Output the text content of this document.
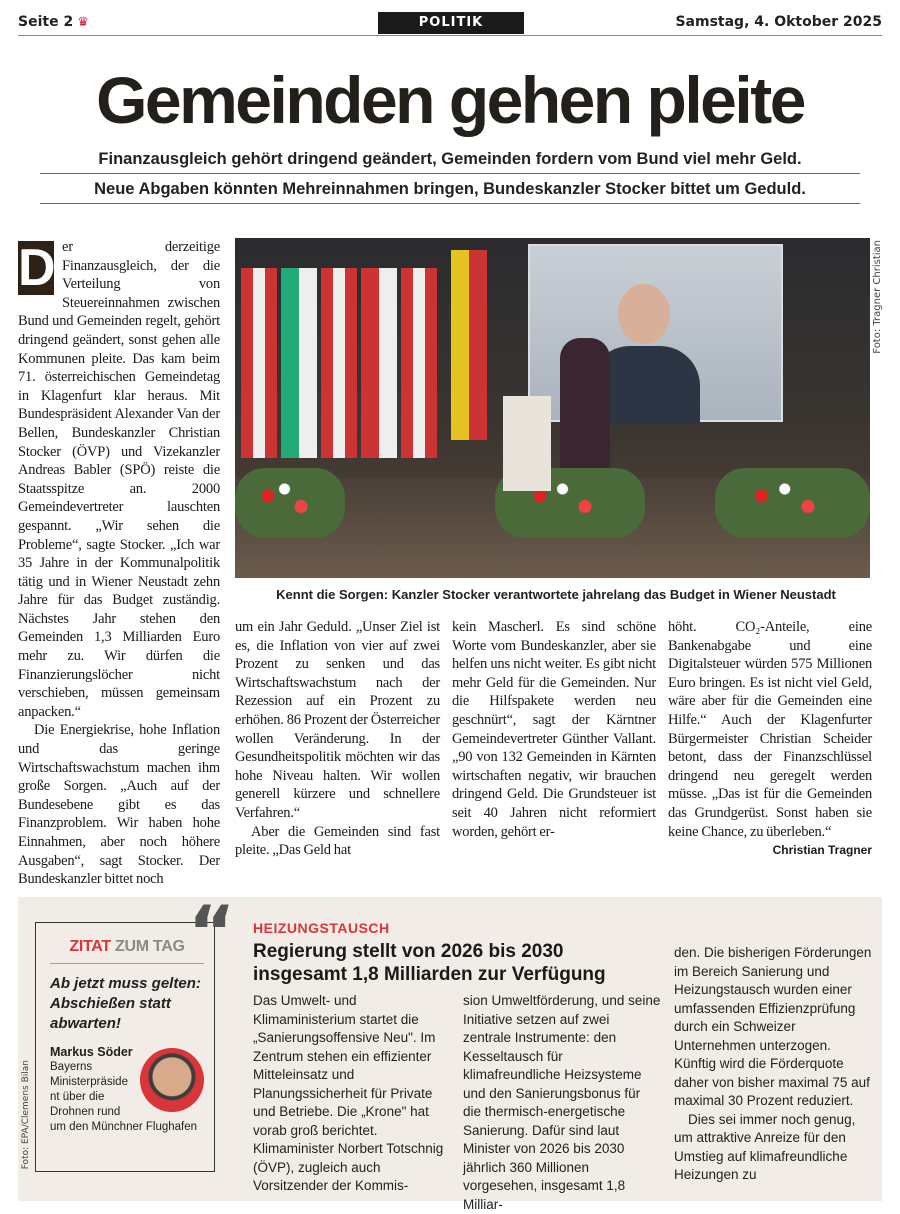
Seite 2 ♛	POLITIK	Samstag, 4. Oktober 2025
Gemeinden gehen pleite
Finanzausgleich gehört dringend geändert, Gemeinden fordern vom Bund viel mehr Geld.
Neue Abgaben könnten Mehreinnahmen bringen, Bundeskanzler Stocker bittet um Geduld.

D er derzeitige Finanzausgleich, der die Verteilung von Steuereinnahmen zwischen Bund und Gemeinden regelt, gehört dringend geändert, sonst gehen alle Kommunen pleite. Das kam beim 71. österreichischen Gemeindetag in Klagenfurt klar heraus. Mit Bundespräsident Alexander Van der Bellen, Bundeskanzler Christian Stocker (ÖVP) und Vizekanzler Andreas Babler (SPÖ) reiste die Staatsspitze an. 2000 Gemeindevertreter lauschten gespannt. „Wir sehen die Probleme“, sagte Stocker. „Ich war 35 Jahre in der Kommunalpolitik tätig und in Wiener Neustadt zehn Jahre für das Budget zuständig. Nächstes Jahr stehen den Gemeinden 1,3 Milliarden Euro mehr zu. Wir dürfen die Finanzierungslöcher nicht verschieben, müssen gemeinsam anpacken.“

Die Energiekrise, hohe Inflation und das geringe Wirtschaftswachstum machen ihm große Sorgen. „Auch auf der Bundesebene gibt es das Finanzproblem. Wir haben hohe Einnahmen, aber noch höhere Ausgaben“, sagt Stocker. Der Bundeskanzler bittet noch

Foto: Tragner Christian
Kennt die Sorgen: Kanzler Stocker verantwortete jahrelang das Budget in Wiener Neustadt

um ein Jahr Geduld. „Unser Ziel ist es, die Inflation von vier auf zwei Prozent zu senken und das Wirtschaftswachstum nach der Rezession auf ein Prozent zu erhöhen. 86 Prozent der Österreicher wollen Veränderung. In der Gesundheitspolitik möchten wir das hohe Niveau halten. Wir wollen generell kürzere und schnellere Verfahren.“

Aber die Gemeinden sind fast pleite. „Das Geld hat

kein Mascherl. Es sind schöne Worte vom Bundeskanzler, aber sie helfen uns nicht weiter. Es gibt nicht mehr Geld für die Gemeinden. Nur die Hilfspakete werden neu geschnürt“, sagt der Kärntner Gemeindevertreter Günther Vallant. „90 von 132 Gemeinden in Kärnten wirtschaften negativ, wir brauchen dringend Geld. Die Grundsteuer ist seit 40 Jahren nicht reformiert worden, gehört er-

höht. CO₂-Anteile, eine Bankenabgabe und eine Digitalsteuer würden 575 Millionen Euro bringen. Es ist nicht viel Geld, wäre aber für die Gemeinden eine Hilfe.“ Auch der Klagenfurter Bürgermeister Christian Scheider betont, dass der Finanzschlüssel dringend neu geregelt werden müsse. „Das ist für die Gemeinden das Grundgerüst. Sonst haben sie keine Chance, zu überleben.“
Christian Tragner

ZITAT ZUM TAG
Ab jetzt muss gelten: Abschießen statt abwarten!
Markus Söder
Bayerns Ministerpräsident über die Drohnen rund um den Münchner Flughafen
“
Foto: EPA/Clemens Bilan
HEIZUNGSTAUSCH
Regierung stellt von 2026 bis 2030 insgesamt 1,8 Milliarden zur Verfügung

Das Umwelt- und Klimaministerium startet die „Sanierungsoffensive Neu". Im Zentrum stehen ein effizienter Mitteleinsatz und Planungssicherheit für Private und Betriebe. Die „Krone" hat vorab groß berichtet. Klimaminister Norbert Totschnig (ÖVP), zugleich auch Vorsitzender der Kommis-

sion Umweltförderung, und seine Initiative setzen auf zwei zentrale Instrumente: den Kesseltausch für klimafreundliche Heizsysteme und den Sanierungsbonus für die thermisch-energetische Sanierung. Dafür sind laut Minister von 2026 bis 2030 jährlich 360 Millionen vorgesehen, insgesamt 1,8 Milliar-

den. Die bisherigen Förderungen im Bereich Sanierung und Heizungstausch wurden einer umfassenden Effizienzprüfung durch ein Schweizer Unternehmen unterzogen. Künftig wird die Förderquote daher von bisher maximal 75 auf maximal 30 Prozent reduziert.

Dies sei immer noch genug, um attraktive Anreize für den Umstieg auf klimafreundliche Heizungen zu
